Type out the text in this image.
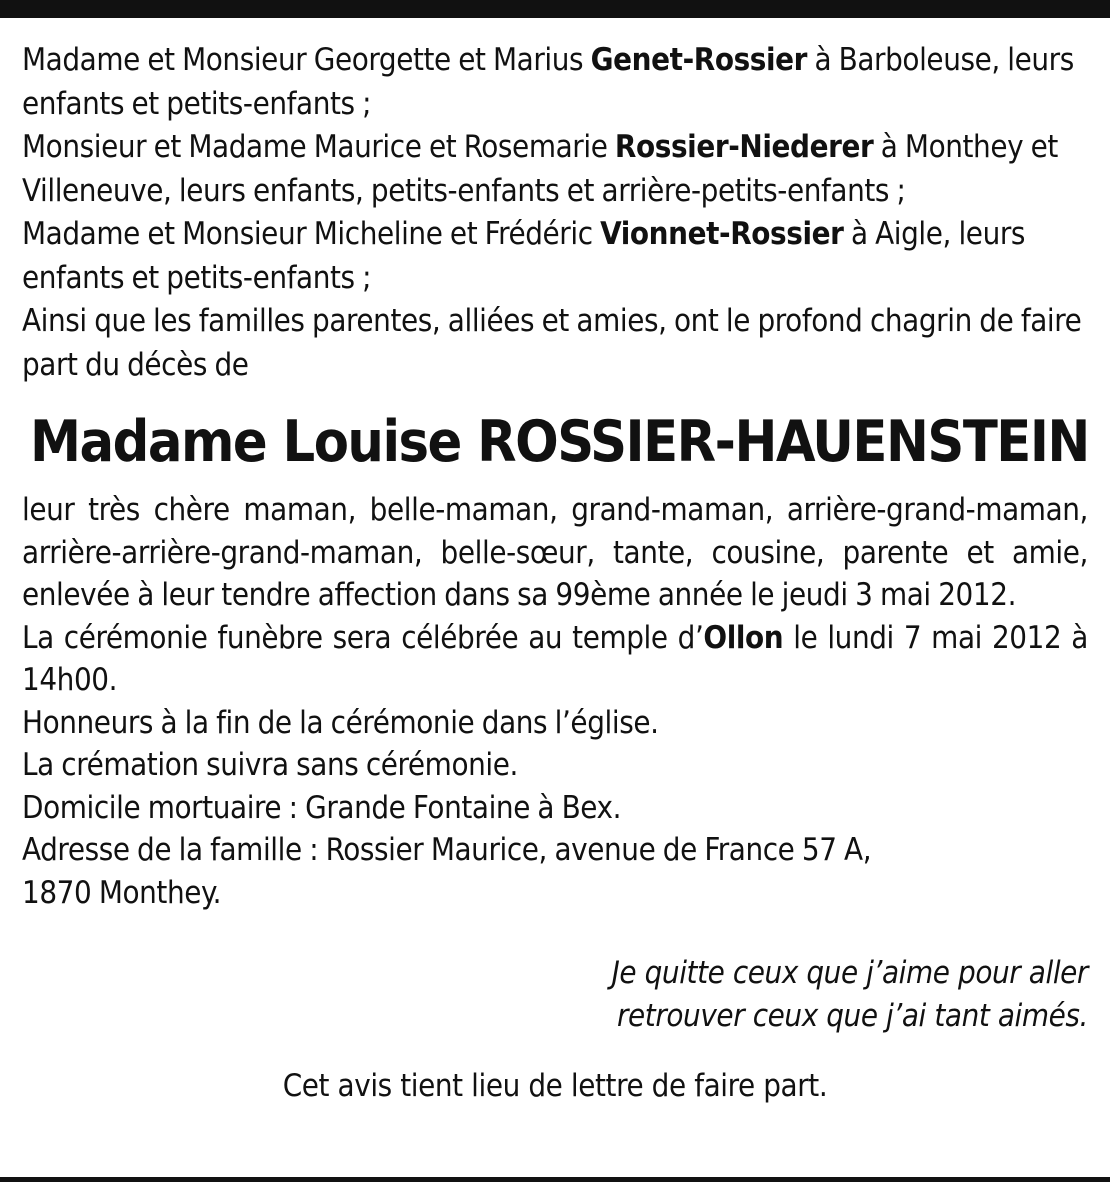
Madame et Monsieur Georgette et Marius Genet-Rossier à Barboleuse, leurs enfants et petits-enfants ;

Monsieur et Madame Maurice et Rosemarie Rossier-Niederer à Monthey et Villeneuve, leurs enfants, petits-enfants et arrière-petits-enfants ;

Madame et Monsieur Micheline et Frédéric Vionnet-Rossier à Aigle, leurs enfants et petits-enfants ;

Ainsi que les familles parentes, alliées et amies, ont le profond chagrin de faire part du décès de

Madame Louise ROSSIER-HAUENSTEIN

leur très chère maman, belle-maman, grand-maman, arrière-grand-maman, arrière-arrière-grand-maman, belle-sœur, tante, cousine, parente et amie, enlevée à leur tendre affection dans sa 99ème année le jeudi 3 mai 2012.

La cérémonie funèbre sera célébrée au temple d’Ollon le lundi 7 mai 2012 à 14h00.

Honneurs à la fin de la cérémonie dans l’église.

La crémation suivra sans cérémonie.

Domicile mortuaire : Grande Fontaine à Bex.

Adresse de la famille : Rossier Maurice, avenue de France 57 A,
1870 Monthey.

Je quitte ceux que j’aime pour aller

retrouver ceux que j’ai tant aimés.

Cet avis tient lieu de lettre de faire part.
